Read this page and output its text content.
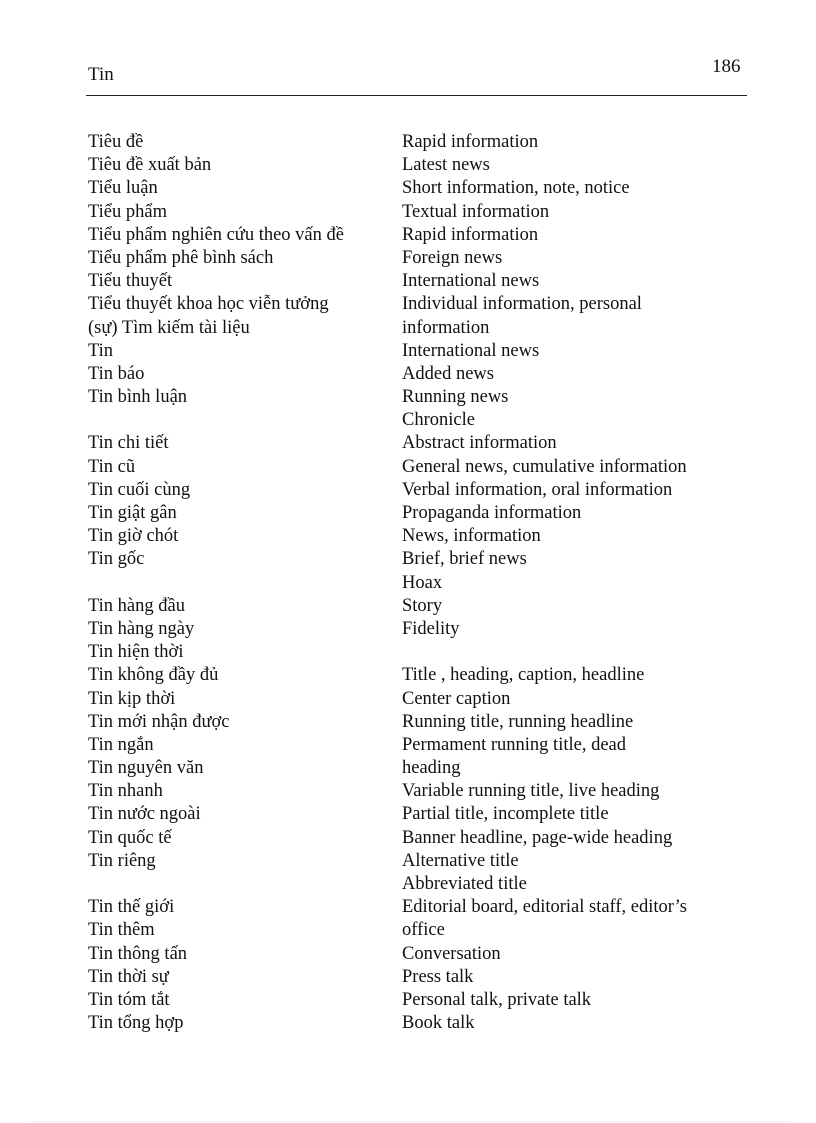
Tin	186
Tiêu đề
Tiêu đề xuất bản
Tiểu luận
Tiểu phẩm
Tiểu phẩm nghiên cứu theo vấn đề
Tiểu phẩm phê bình sách
Tiểu thuyết
Tiểu thuyết khoa học viễn tưởng
(sự) Tìm kiếm tài liệu
Tin
Tin báo
Tin bình luận
Tin chi tiết
Tin cũ
Tin cuối cùng
Tin giật gân
Tin giờ chót
Tin gốc
Tin hàng đầu
Tin hàng ngày
Tin hiện thời
Tin không đầy đủ
Tin kịp thời
Tin mới nhận được
Tin ngắn
Tin nguyên văn
Tin nhanh
Tin nước ngoài
Tin quốc tế
Tin riêng
Tin thế giới
Tin thêm
Tin thông tấn
Tin thời sự
Tin tóm tắt
Tin tổng hợp
Rapid information
Latest news
Short information, note, notice
Textual information
Rapid information
Foreign news
International news
Individual information, personal
information
International news
Added news
Running news
Chronicle
Abstract information
General news, cumulative information
Verbal information, oral information
Propaganda information
News, information
Brief, brief news
Hoax
Story
Fidelity
Title , heading, caption, headline
Center caption
Running title, running headline
Permament running title, dead
heading
Variable running title, live heading
Partial title, incomplete title
Banner headline, page-wide heading
Alternative title
Abbreviated title
Editorial board, editorial staff, editor’s
office
Conversation
Press talk
Personal talk, private talk
Book talk
